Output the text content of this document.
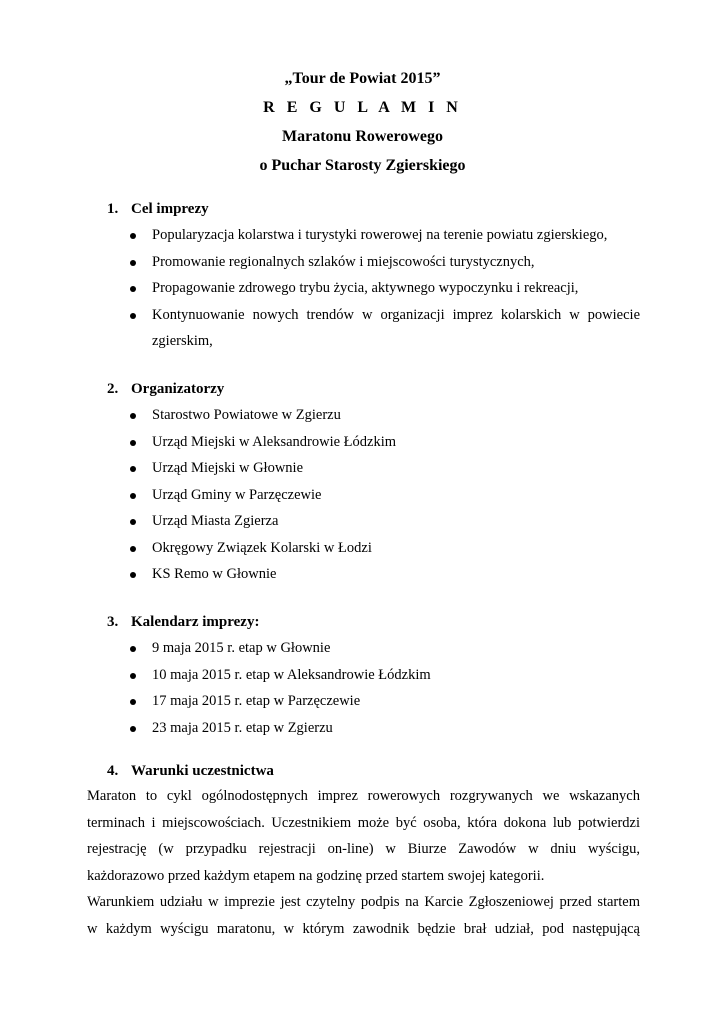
„Tour de Powiat 2015”
R E G U L A M I N
Maratonu Rowerowego
o Puchar Starosty Zgierskiego
1. Cel imprezy
Popularyzacja kolarstwa i turystyki rowerowej na terenie powiatu zgierskiego,
Promowanie regionalnych szlaków i miejscowości turystycznych,
Propagowanie zdrowego trybu życia, aktywnego wypoczynku i rekreacji,
Kontynuowanie nowych trendów w organizacji imprez kolarskich w powiecie zgierskim,
2. Organizatorzy
Starostwo Powiatowe w Zgierzu
Urząd Miejski w Aleksandrowie Łódzkim
Urząd Miejski w Głownie
Urząd Gminy w Parzęczewie
Urząd Miasta Zgierza
Okręgowy Związek Kolarski w Łodzi
KS Remo w Głownie
3. Kalendarz imprezy:
9 maja 2015 r. etap w Głownie
10 maja 2015 r. etap w Aleksandrowie Łódzkim
17 maja 2015 r. etap w Parzęczewie
23 maja 2015 r. etap w Zgierzu
4. Warunki uczestnictwa
Maraton to cykl ogólnodostępnych imprez rowerowych rozgrywanych we wskazanych
terminach i miejscowościach. Uczestnikiem może być osoba, która dokona lub potwierdzi
rejestrację (w przypadku rejestracji on-line) w Biurze Zawodów w dniu wyścigu,
każdorazowo przed każdym etapem na godzinę przed startem swojej kategorii.
Warunkiem udziału w imprezie jest czytelny podpis na Karcie Zgłoszeniowej przed startem
w każdym wyścigu maratonu, w którym zawodnik będzie brał udział, pod następującą
